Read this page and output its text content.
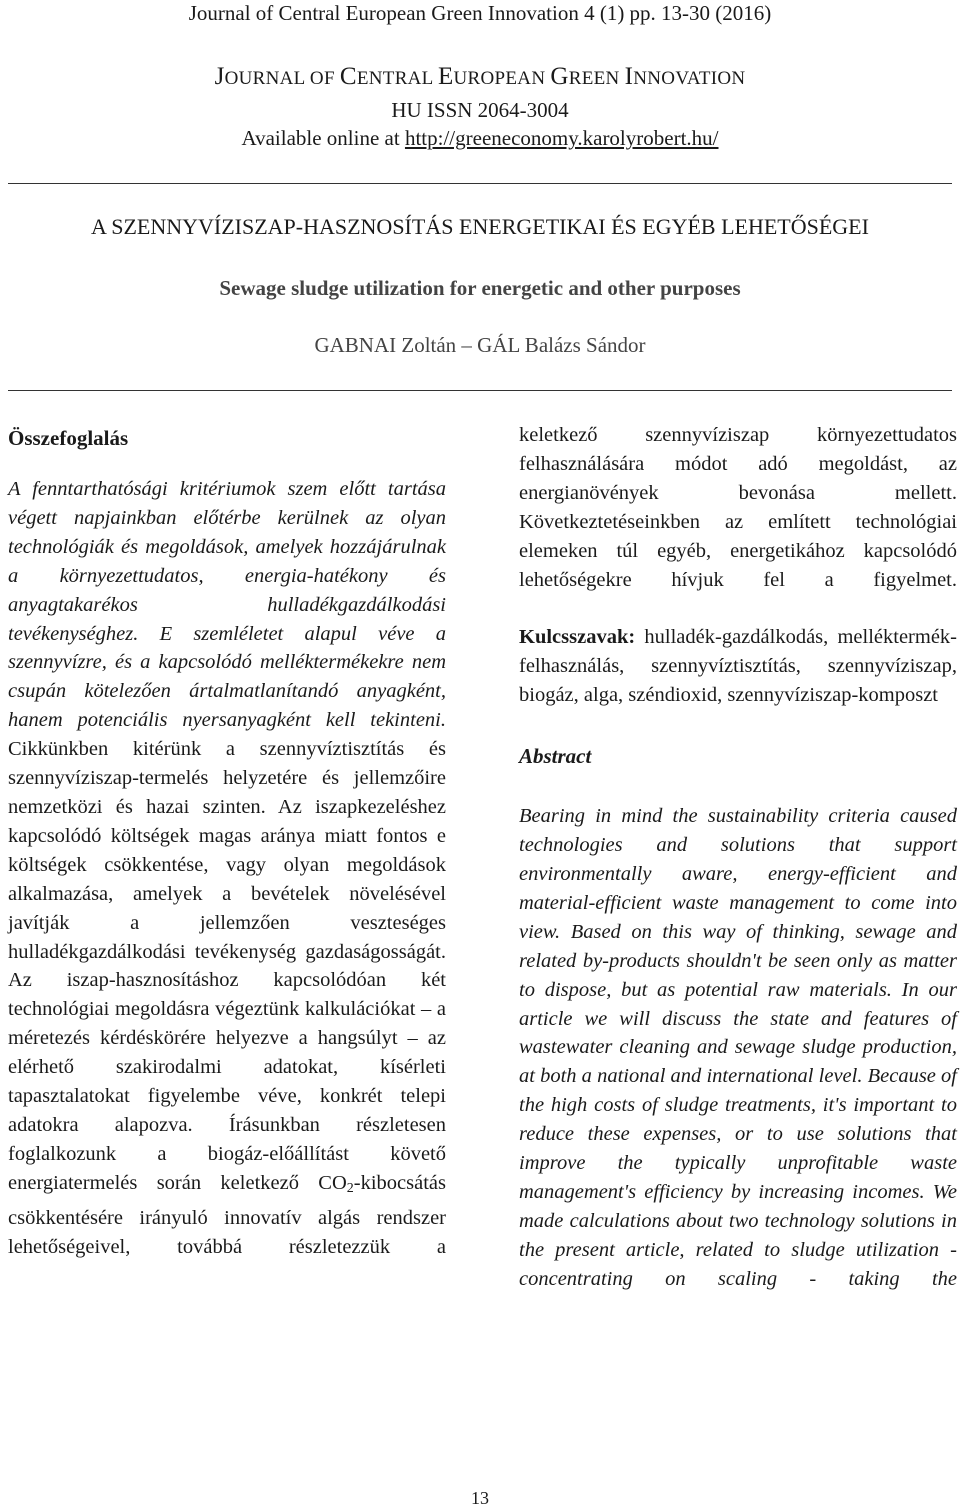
Journal of Central European Green Innovation 4 (1) pp. 13-30 (2016)
JOURNAL OF CENTRAL EUROPEAN GREEN INNOVATION
HU ISSN 2064-3004
Available online at http://greeneconomy.karolyrobert.hu/
A SZENNYVÍZISZAP-HASZNOSÍTÁS ENERGETIKAI ÉS EGYÉB LEHETŐSÉGEI
Sewage sludge utilization for energetic and other purposes
GABNAI Zoltán – GÁL Balázs Sándor

Összefoglalás

A fenntarthatósági kritériumok szem előtt tartása végett napjainkban előtérbe kerülnek az olyan technológiák és megoldások, amelyek hozzájárulnak a környezettudatos, energia-hatékony és anyagtakarékos hulladékgazdálkodási tevékenységhez. E szemléletet alapul véve a szennyvízre, és a kapcsolódó melléktermékekre nem csupán kötelezően ártalmatlanítandó anyagként, hanem potenciális nyersanyagként kell tekinteni.

Cikkünkben kitérünk a szennyvíztisztítás és szennyvíziszap-termelés helyzetére és jellemzőire nemzetközi és hazai szinten. Az iszapkezeléshez kapcsolódó költségek magas aránya miatt fontos e költségek csökkentése, vagy olyan megoldások alkalmazása, amelyek a bevételek növelésével javítják a jellemzően veszteséges hulladékgazdálkodási tevékenység gazdaságosságát. Az iszap-hasznosításhoz kapcsolódóan két technológiai megoldásra végeztünk kalkulációkat – a méretezés kérdéskörére helyezve a hangsúlyt – az elérhető szakirodalmi adatokat, kísérleti tapasztalatokat figyelembe véve, konkrét telepi adatokra alapozva. Írásunkban részletesen foglalkozunk a biogáz-előállítást követő energiatermelés során keletkező $CO_2$-kibocsátás csökkentésére irányuló innovatív algás rendszer lehetőségeivel, továbbá részletezzük a

keletkező szennyvíziszap környezettudatos felhasználására módot adó megoldást, az energianövények bevonása mellett. Következtetéseinkben az említett technológiai elemeken túl egyéb, energetikához kapcsolódó lehetőségekre hívjuk fel a figyelmet.

Kulcsszavak: hulladék-gazdálkodás, melléktermék-felhasználás, szennyvíztisztítás, szennyvíziszap, biogáz, alga, széndioxid, szennyvíziszap-komposzt

Abstract

Bearing in mind the sustainability criteria caused technologies and solutions that support environmentally aware, energy-efficient and material-efficient waste management to come into view. Based on this way of thinking, sewage and related by-products shouldn't be seen only as matter to dispose, but as potential raw materials. In our article we will discuss the state and features of wastewater cleaning and sewage sludge production, at both a national and international level. Because of the high costs of sludge treatments, it's important to reduce these expenses, or to use solutions that improve the typically unprofitable waste management's efficiency by increasing incomes. We made calculations about two technology solutions in the present article, related to sludge utilization - concentrating on scaling - taking the

13
